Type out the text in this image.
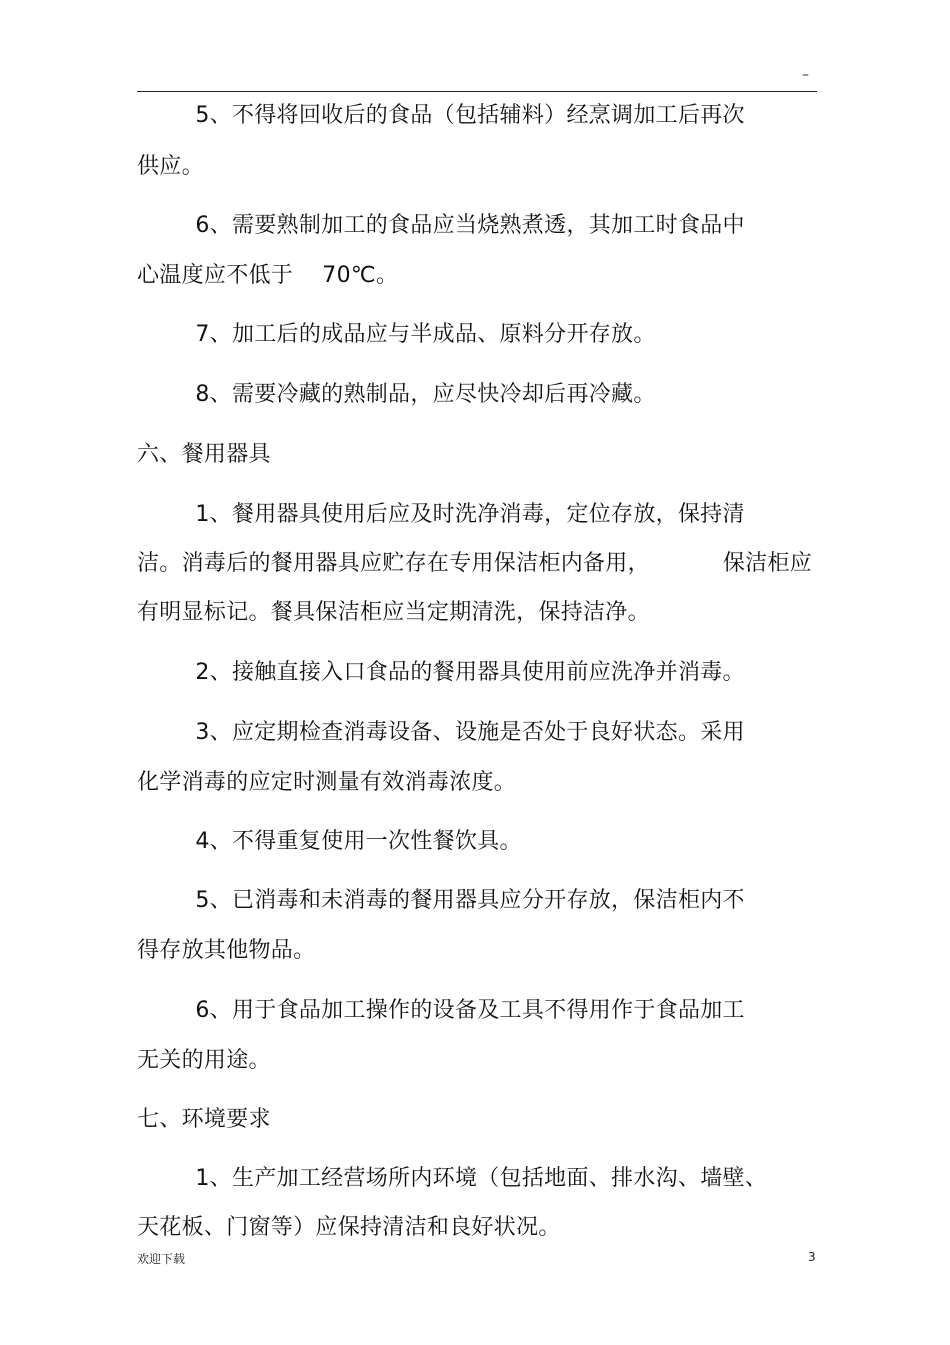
–
5、不得将回收后的食品（包括辅料）经烹调加工后再次
供应。
6、需要熟制加工的食品应当烧熟煮透，其加工时食品中
心温度应不低于    70℃。
7、加工后的成品应与半成品、原料分开存放。
8、需要冷藏的熟制品，应尽快冷却后再冷藏。
六、餐用器具
1、餐用器具使用后应及时洗净消毒，定位存放，保持清
洁。消毒后的餐用器具应贮存在专用保洁柜内备用，          保洁柜应
有明显标记。餐具保洁柜应当定期清洗，保持洁净。
2、接触直接入口食品的餐用器具使用前应洗净并消毒。
3、应定期检查消毒设备、设施是否处于良好状态。采用
化学消毒的应定时测量有效消毒浓度。
4、不得重复使用一次性餐饮具。
5、已消毒和未消毒的餐用器具应分开存放，保洁柜内不
得存放其他物品。
6、用于食品加工操作的设备及工具不得用作于食品加工
无关的用途。
七、环境要求
1、生产加工经营场所内环境（包括地面、排水沟、墙壁、
天花板、门窗等）应保持清洁和良好状况。
欢迎下载	3
